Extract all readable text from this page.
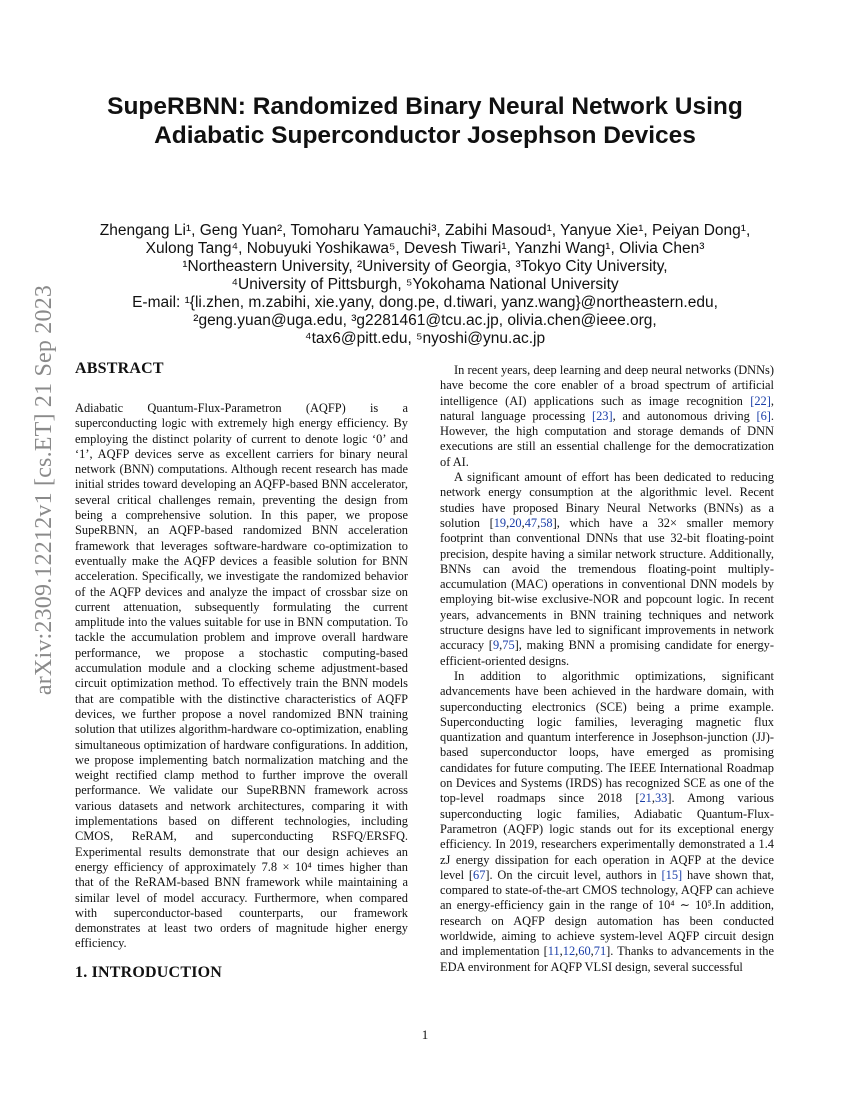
arXiv:2309.12212v1 [cs.ET] 21 Sep 2023
SupeRBNN: Randomized Binary Neural Network Using
Adiabatic Superconductor Josephson Devices
Zhengang Li¹, Geng Yuan², Tomoharu Yamauchi³, Zabihi Masoud¹, Yanyue Xie¹, Peiyan Dong¹,
Xulong Tang⁴, Nobuyuki Yoshikawa⁵, Devesh Tiwari¹, Yanzhi Wang¹, Olivia Chen³
¹Northeastern University, ²University of Georgia, ³Tokyo City University,
⁴University of Pittsburgh, ⁵Yokohama National University
E-mail: ¹{li.zhen, m.zabihi, xie.yany, dong.pe, d.tiwari, yanz.wang}@northeastern.edu,
²geng.yuan@uga.edu, ³g2281461@tcu.ac.jp, olivia.chen@ieee.org,
⁴tax6@pitt.edu, ⁵nyoshi@ynu.ac.jp
ABSTRACT

Adiabatic Quantum-Flux-Parametron (AQFP) is a superconducting logic with extremely high energy efficiency. By employing the distinct polarity of current to denote logic ‘0’ and ‘1’, AQFP devices serve as excellent carriers for binary neural network (BNN) computations. Although recent research has made initial strides toward developing an AQFP-based BNN accelerator, several critical challenges remain, preventing the design from being a comprehensive solution. In this paper, we propose SupeRBNN, an AQFP-based randomized BNN acceleration framework that leverages software-hardware co-optimization to eventually make the AQFP devices a feasible solution for BNN acceleration. Specifically, we investigate the randomized behavior of the AQFP devices and analyze the impact of crossbar size on current attenuation, subsequently formulating the current amplitude into the values suitable for use in BNN computation. To tackle the accumulation problem and improve overall hardware performance, we propose a stochastic computing-based accumulation module and a clocking scheme adjustment-based circuit optimization method. To effectively train the BNN models that are compatible with the distinctive characteristics of AQFP devices, we further propose a novel randomized BNN training solution that utilizes algorithm-hardware co-optimization, enabling simultaneous optimization of hardware configurations. In addition, we propose implementing batch normalization matching and the weight rectified clamp method to further improve the overall performance. We validate our SupeRBNN framework across various datasets and network architectures, comparing it with implementations based on different technologies, including CMOS, ReRAM, and superconducting RSFQ/ERSFQ. Experimental results demonstrate that our design achieves an energy efficiency of approximately 7.8 × 10⁴ times higher than that of the ReRAM-based BNN framework while maintaining a similar level of model accuracy. Furthermore, when compared with superconductor-based counterparts, our framework demonstrates at least two orders of magnitude higher energy efficiency.

1. INTRODUCTION

In recent years, deep learning and deep neural networks (DNNs) have become the core enabler of a broad spectrum of artificial intelligence (AI) applications such as image recognition [22], natural language processing [23], and autonomous driving [6]. However, the high computation and storage demands of DNN executions are still an essential challenge for the democratization of AI.

A significant amount of effort has been dedicated to reducing network energy consumption at the algorithmic level. Recent studies have proposed Binary Neural Networks (BNNs) as a solution [19,20,47,58], which have a 32× smaller memory footprint than conventional DNNs that use 32-bit floating-point precision, despite having a similar network structure. Additionally, BNNs can avoid the tremendous floating-point multiply-accumulation (MAC) operations in conventional DNN models by employing bit-wise exclusive-NOR and popcount logic. In recent years, advancements in BNN training techniques and network structure designs have led to significant improvements in network accuracy [9,75], making BNN a promising candidate for energy-efficient-oriented designs.

In addition to algorithmic optimizations, significant advancements have been achieved in the hardware domain, with superconducting electronics (SCE) being a prime example. Superconducting logic families, leveraging magnetic flux quantization and quantum interference in Josephson-junction (JJ)-based superconductor loops, have emerged as promising candidates for future computing. The IEEE International Roadmap on Devices and Systems (IRDS) has recognized SCE as one of the top-level roadmaps since 2018 [21,33]. Among various superconducting logic families, Adiabatic Quantum-Flux-Parametron (AQFP) logic stands out for its exceptional energy efficiency. In 2019, researchers experimentally demonstrated a 1.4 zJ energy dissipation for each operation in AQFP at the device level [67]. On the circuit level, authors in [15] have shown that, compared to state-of-the-art CMOS technology, AQFP can achieve an energy-efficiency gain in the range of 10⁴ ∼ 10⁵.In addition, research on AQFP design automation has been conducted worldwide, aiming to achieve system-level AQFP circuit design and implementation [11,12,60,71]. Thanks to advancements in the EDA environment for AQFP VLSI design, several successful

1
